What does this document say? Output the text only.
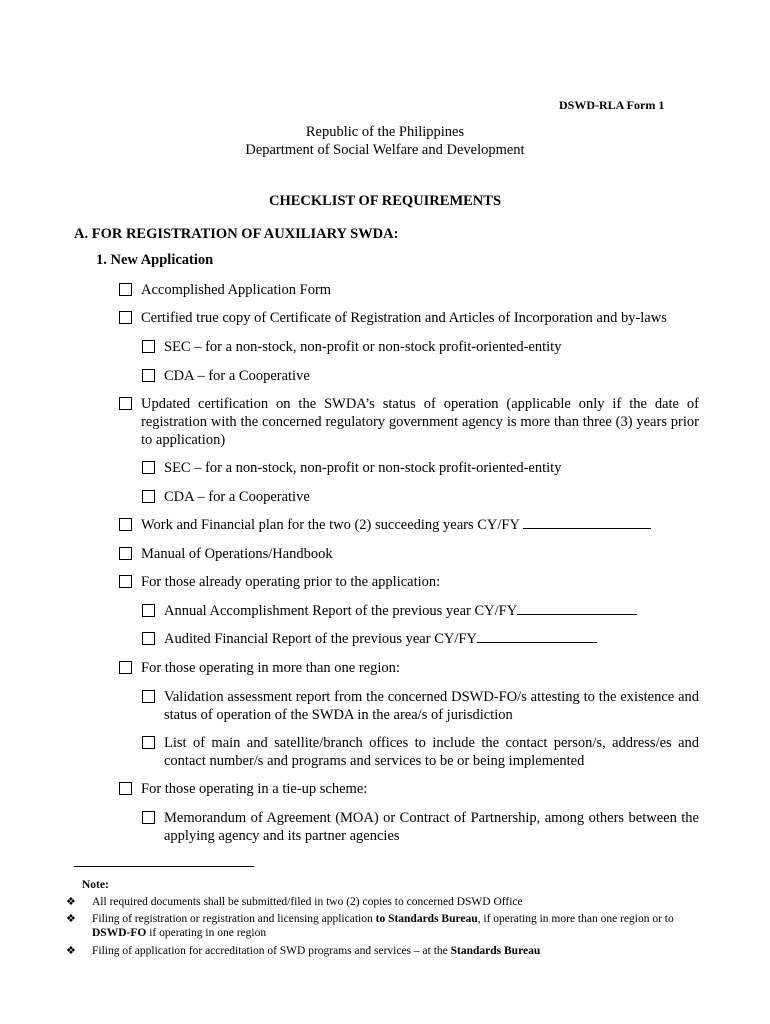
DSWD-RLA Form 1
Republic of the Philippines
Department of Social Welfare and Development
CHECKLIST OF REQUIREMENTS
A. FOR REGISTRATION OF AUXILIARY SWDA:
1. New Application
Accomplished Application Form
Certified true copy of Certificate of Registration and Articles of Incorporation and by-laws
SEC – for a non-stock, non-profit or non-stock profit-oriented-entity
CDA – for a Cooperative
Updated certification on the SWDA’s status of operation (applicable only if the date of registration with the concerned regulatory government agency is more than three (3) years prior to application)
SEC – for a non-stock, non-profit or non-stock profit-oriented-entity
CDA – for a Cooperative
Work and Financial plan for the two (2) succeeding years CY/FY
Manual of Operations/Handbook
For those already operating prior to the application:
Annual Accomplishment Report of the previous year CY/FY
Audited Financial Report of the previous year CY/FY
For those operating in more than one region:
Validation assessment report from the concerned DSWD-FO/s attesting to the existence and status of operation of the SWDA in the area/s of jurisdiction
List of main and satellite/branch offices to include the contact person/s, address/es and contact number/s and programs and services to be or being implemented
For those operating in a tie-up scheme:
Memorandum of Agreement (MOA) or Contract of Partnership, among others between the applying agency and its partner agencies
Note:
❖	All required documents shall be submitted/filed in two (2) copies to concerned DSWD Office
❖	Filing of registration or registration and licensing application to Standards Bureau, if operating in more than one region or to DSWD-FO if operating in one region
❖	Filing of application for accreditation of SWD programs and services – at the Standards Bureau
